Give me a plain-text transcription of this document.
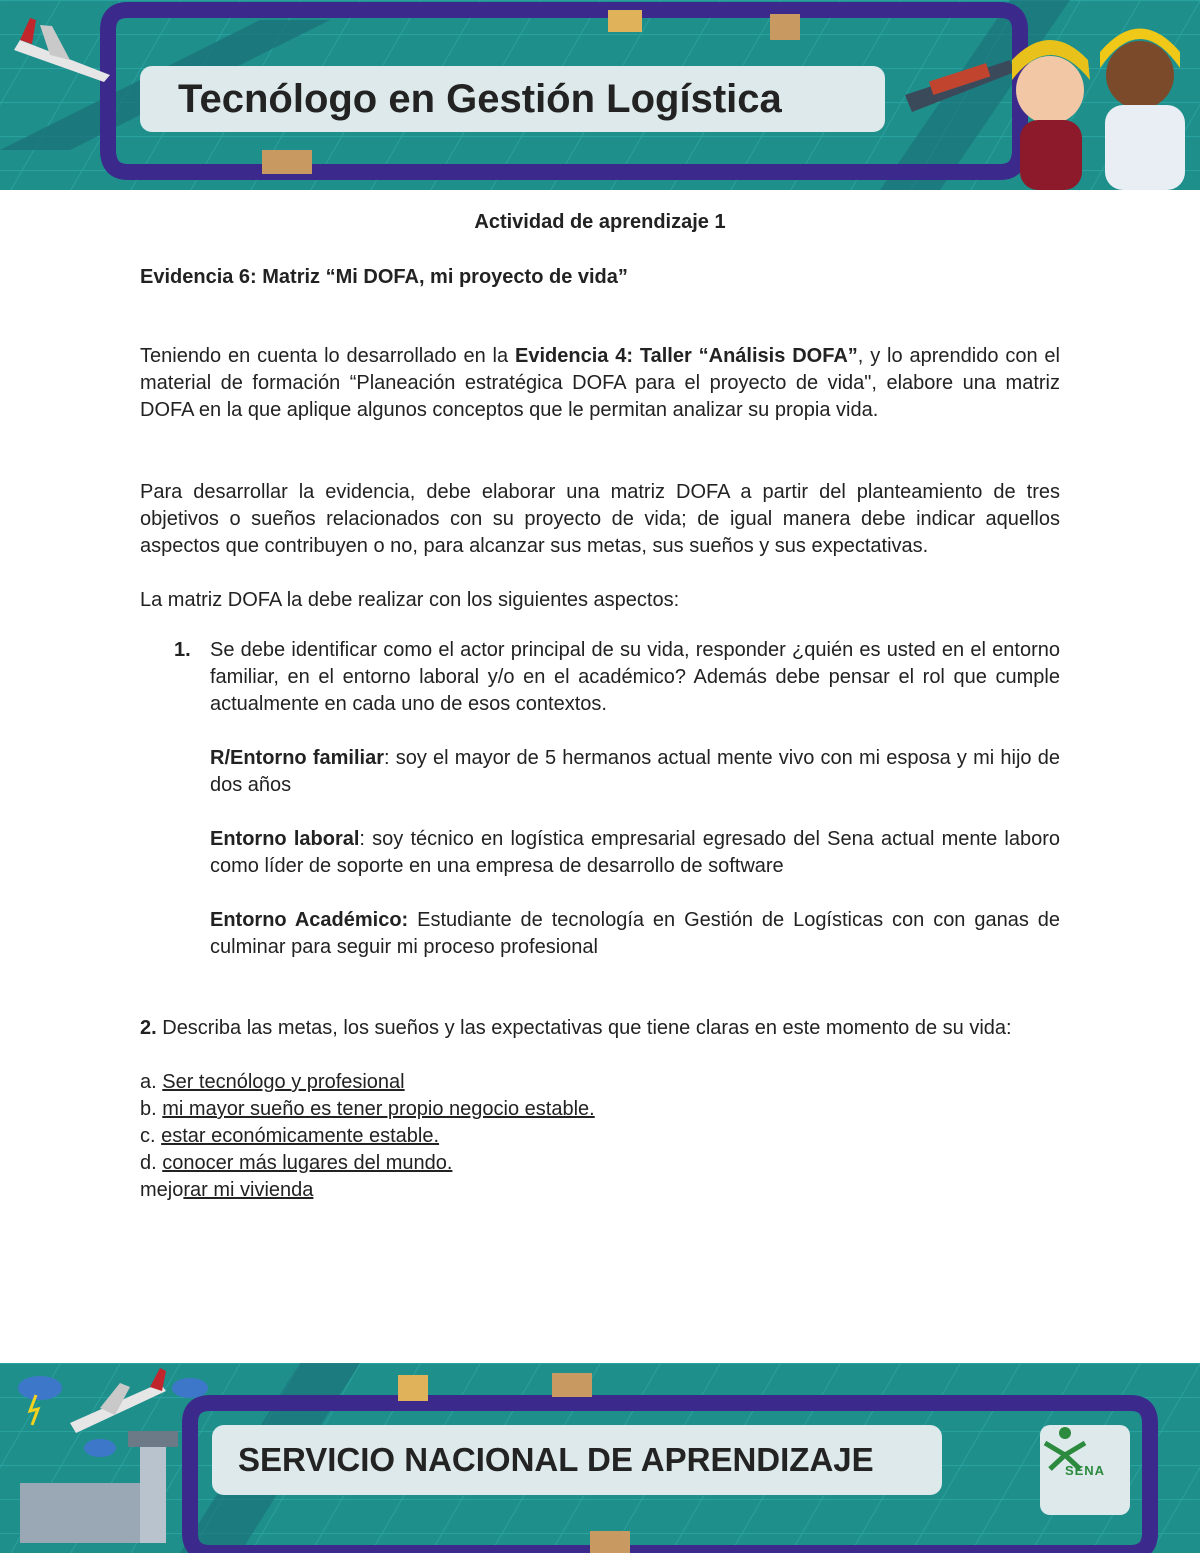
Tecnólogo en Gestión Logística
Actividad de aprendizaje 1
Evidencia 6: Matriz “Mi DOFA, mi proyecto de vida”

Teniendo en cuenta lo desarrollado en la Evidencia 4: Taller “Análisis DOFA”, y lo aprendido con el material de formación “Planeación estratégica DOFA para el proyecto de vida", elabore una matriz DOFA en la que aplique algunos conceptos que le permitan analizar su propia vida.

Para desarrollar la evidencia, debe elaborar una matriz DOFA a partir del planteamiento de tres objetivos o sueños relacionados con su proyecto de vida; de igual manera debe indicar aquellos aspectos que contribuyen o no, para alcanzar sus metas, sus sueños y sus expectativas.

La matriz DOFA la debe realizar con los siguientes aspectos:

1. Se debe identificar como el actor principal de su vida, responder ¿quién es usted en el entorno familiar, en el entorno laboral y/o en el académico? Además debe pensar el rol que cumple actualmente en cada uno de esos contextos.

R/Entorno familiar: soy el mayor de 5 hermanos actual mente vivo con mi esposa y mi hijo de dos años

Entorno laboral: soy técnico en logística empresarial egresado del Sena actual mente laboro como líder de soporte en una empresa de desarrollo de software

Entorno Académico: Estudiante de tecnología en Gestión de Logísticas con con ganas de culminar para seguir mi proceso profesional

2. Describa las metas, los sueños y las expectativas que tiene claras en este momento de su vida:

a. Ser tecnólogo y profesional
b. mi mayor sueño es tener propio negocio estable.
c. estar económicamente estable.
d. conocer más lugares del mundo.
mejorar mi vivienda
SERVICIO NACIONAL DE APRENDIZAJE	SENA
